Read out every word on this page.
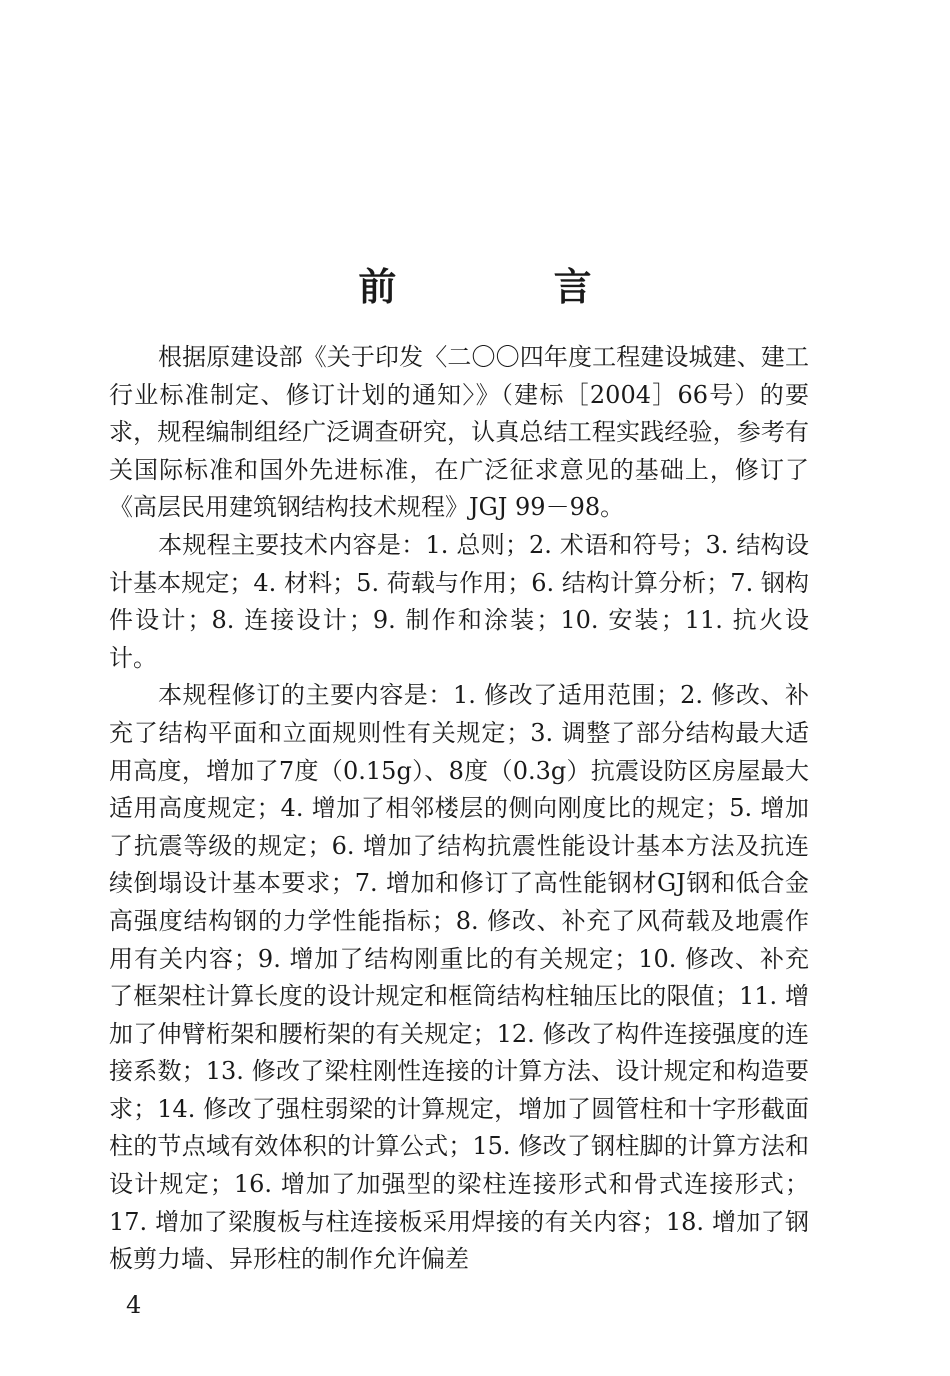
前 言

根据原建设部《关于印发〈二〇〇四年度工程建设城建、建工行业标准制定、修订计划的通知〉》（建标［2004］66号）的要求，规程编制组经广泛调查研究，认真总结工程实践经验，参考有关国际标准和国外先进标准，在广泛征求意见的基础上，修订了《高层民用建筑钢结构技术规程》JGJ 99－98。

本规程主要技术内容是：1. 总则；2. 术语和符号；3. 结构设计基本规定；4. 材料；5. 荷载与作用；6. 结构计算分析；7. 钢构件设计；8. 连接设计；9. 制作和涂装；10. 安装；11. 抗火设计。

本规程修订的主要内容是：1. 修改了适用范围；2. 修改、补充了结构平面和立面规则性有关规定；3. 调整了部分结构最大适用高度，增加了7度（0.15g）、8度（0.3g）抗震设防区房屋最大适用高度规定；4. 增加了相邻楼层的侧向刚度比的规定；5. 增加了抗震等级的规定；6. 增加了结构抗震性能设计基本方法及抗连续倒塌设计基本要求；7. 增加和修订了高性能钢材GJ钢和低合金高强度结构钢的力学性能指标；8. 修改、补充了风荷载及地震作用有关内容；9. 增加了结构刚重比的有关规定；10. 修改、补充了框架柱计算长度的设计规定和框筒结构柱轴压比的限值；11. 增加了伸臂桁架和腰桁架的有关规定；12. 修改了构件连接强度的连接系数；13. 修改了梁柱刚性连接的计算方法、设计规定和构造要求；14. 修改了强柱弱梁的计算规定，增加了圆管柱和十字形截面柱的节点域有效体积的计算公式；15. 修改了钢柱脚的计算方法和设计规定；16. 增加了加强型的梁柱连接形式和骨式连接形式；17. 增加了梁腹板与柱连接板采用焊接的有关内容；18. 增加了钢板剪力墙、异形柱的制作允许偏差

4
